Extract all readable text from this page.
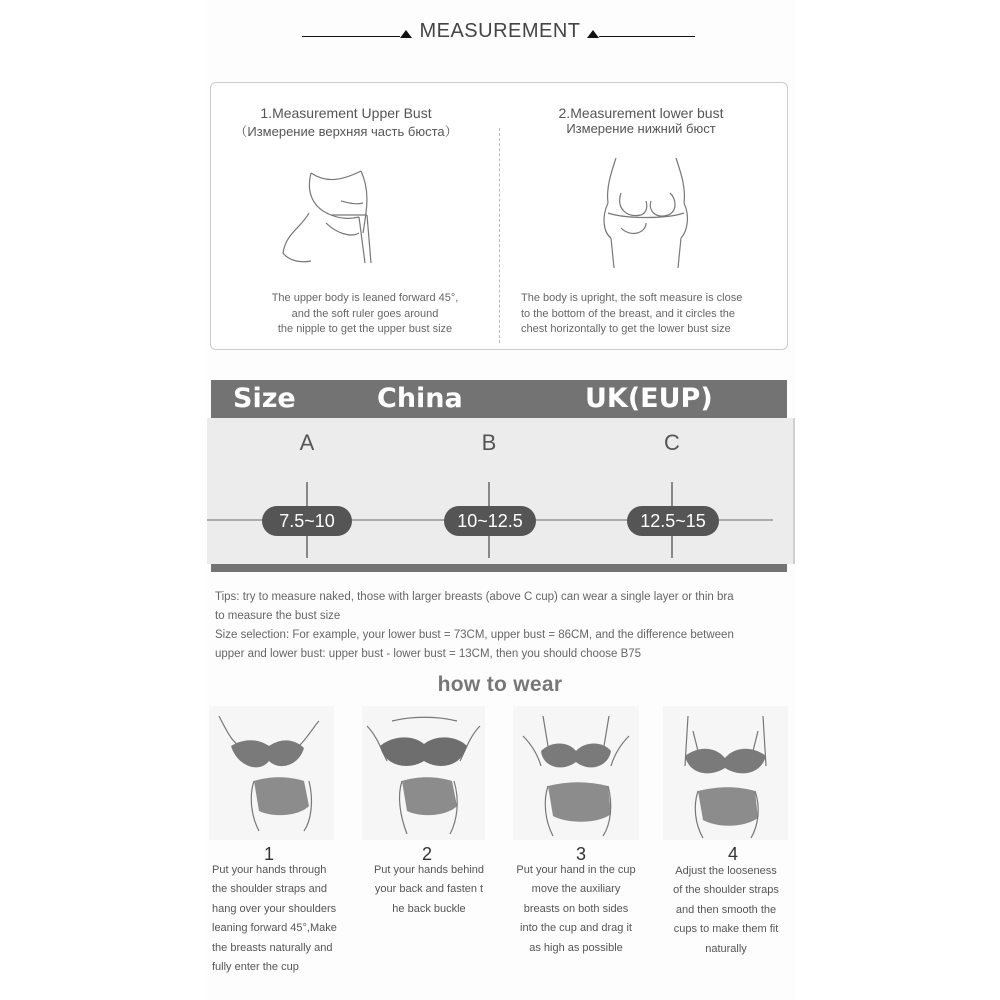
MEASUREMENT
1.Measurement Upper Bust
（Измерение верхняя часть бюста）
2.Measurement lower bust
Измерение нижний бюст
The upper body is leaned forward 45°,
and the soft ruler goes around
the nipple to get the upper bust size
The body is upright, the soft measure is close
to the bottom of the breast, and it circles the
chest horizontally to get the lower bust size
Size	China	UK(EUP)
A	B	C
7.5~10	10~12.5	12.5~15
Tips: try to measure naked, those with larger breasts (above C cup) can wear a single layer or thin bra
to measure the bust size
Size selection: For example, your lower bust = 73CM, upper bust = 86CM, and the difference between
upper and lower bust: upper bust - lower bust = 13CM, then you should choose B75
how to wear
1	2	3	4
Put your hands through
the shoulder straps and
hang over your shoulders
leaning forward 45°,Make
the breasts naturally and
fully enter the cup
Put your hands behind
your back and fasten t
he back buckle
Put your hand in the cup
move the auxiliary
breasts on both sides
into the cup and drag it
as high as possible
Adjust the looseness
of the shoulder straps
and then smooth the
cups to make them fit
naturally
